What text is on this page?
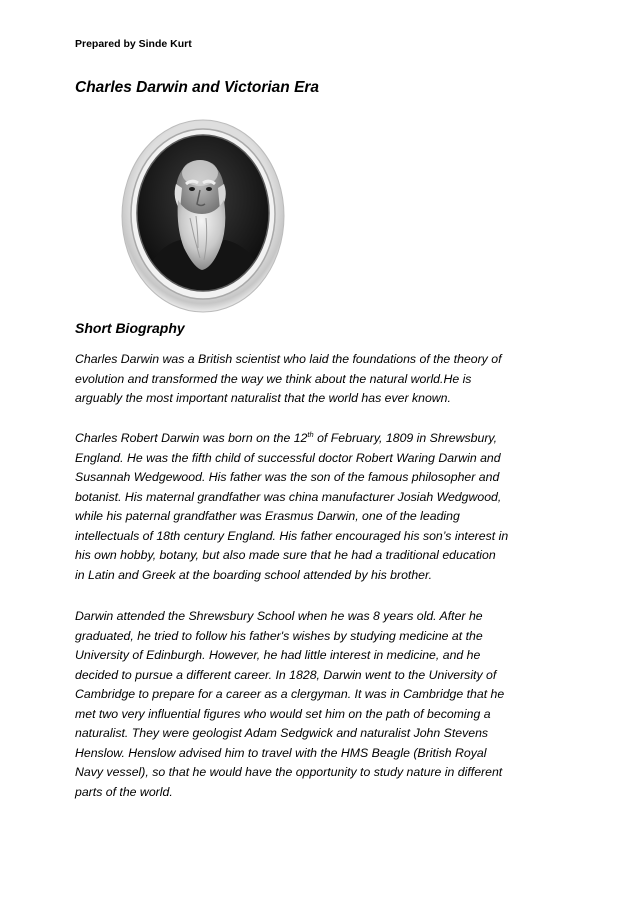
Prepared by Sinde Kurt
Charles Darwin and Victorian Era
Short Biography
Charles Darwin was a British scientist who laid the foundations of the theory of
evolution and transformed the way we think about the natural world.He is
arguably the most important naturalist that the world has ever known.
Charles Robert Darwin was born on the 12th of February, 1809 in Shrewsbury,
England. He was the fifth child of successful doctor Robert Waring Darwin and
Susannah Wedgewood. His father was the son of the famous philosopher and
botanist. His maternal grandfather was china manufacturer Josiah Wedgwood,
while his paternal grandfather was Erasmus Darwin, one of the leading
intellectuals of 18th century England. His father encouraged his son’s interest in
his own hobby, botany, but also made sure that he had a traditional education
in Latin and Greek at the boarding school attended by his brother.
Darwin attended the Shrewsbury School when he was 8 years old. After he
graduated, he tried to follow his father's wishes by studying medicine at the
University of Edinburgh. However, he had little interest in medicine, and he
decided to pursue a different career. In 1828, Darwin went to the University of
Cambridge to prepare for a career as a clergyman. It was in Cambridge that he
met two very influential figures who would set him on the path of becoming a
naturalist. They were geologist Adam Sedgwick and naturalist John Stevens
Henslow. Henslow advised him to travel with the HMS Beagle (British Royal
Navy vessel), so that he would have the opportunity to study nature in different
parts of the world.
